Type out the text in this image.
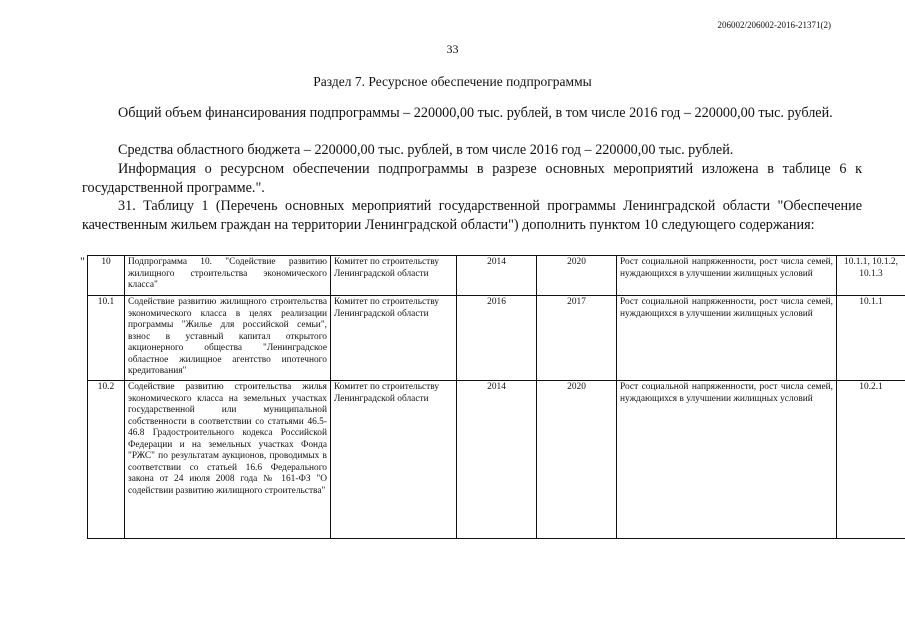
206002/206002-2016-21371(2)
33
Раздел 7. Ресурсное обеспечение подпрограммы

Общий объем финансирования подпрограммы – 220000,00 тыс. рублей, в том числе 2016 год – 220000,00 тыс. рублей.

Средства областного бюджета – 220000,00 тыс. рублей, в том числе 2016 год – 220000,00 тыс. рублей.

Информация о ресурсном обеспечении подпрограммы в разрезе основных мероприятий изложена в таблице 6 к государственной программе.".

31. Таблицу 1 (Перечень основных мероприятий государственной программы Ленинградской области "Обеспечение качественным жильем граждан на территории Ленинградской области") дополнить пунктом 10 следующего содержания:

" 10	Подпрограмма 10. "Содействие развитию жилищного строительства экономического класса"	Комитет по строительству Ленинградской области	2014	2020	Рост социальной напряженности, рост числа семей, нуждающихся в улучшении жилищных условий	10.1.1, 10.1.2, 10.1.3
10.1	Содействие развитию жилищного строительства экономического класса в целях реализации программы "Жилье для российской семьи", взнос в уставный капитал открытого акционерного общества "Ленинградское областное жилищное агентство ипотечного кредитования"	Комитет по строительству Ленинградской области	2016	2017	Рост социальной напряженности, рост числа семей, нуждающихся в улучшении жилищных условий	10.1.1
10.2	Содействие развитию строительства жилья экономического класса на земельных участках государственной или муниципальной собственности в соответствии со статьями 46.5-46.8 Градостроительного кодекса Российской Федерации и на земельных участках Фонда "РЖС" по результатам аукционов, проводимых в соответствии со статьей 16.6 Федерального закона от 24 июля 2008 года № 161-ФЗ "О содействии развитию жилищного строительства"	Комитет по строительству Ленинградской области	2014	2020	Рост социальной напряженности, рост числа семей, нуждающихся в улучшении жилищных условий	10.2.1
